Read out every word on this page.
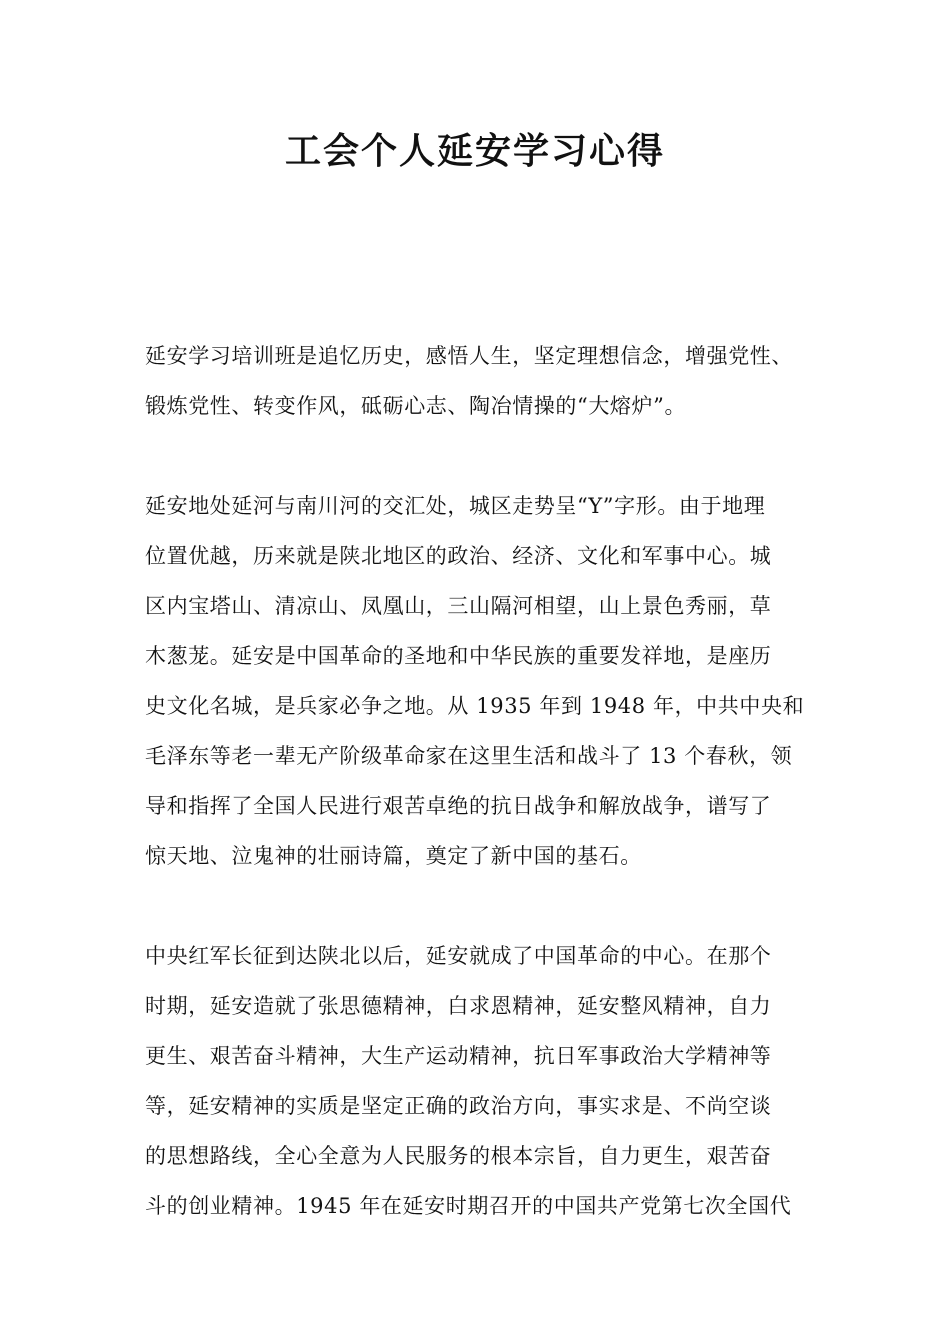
工会个人延安学习心得

延安学习培训班是追忆历史，感悟人生，坚定理想信念，增强党性、
锻炼党性、转变作风，砥砺心志、陶冶情操的“大熔炉”。

延安地处延河与南川河的交汇处，城区走势呈“Y”字形。由于地理
位置优越，历来就是陕北地区的政治、经济、文化和军事中心。城
区内宝塔山、清凉山、凤凰山，三山隔河相望，山上景色秀丽，草
木葱茏。延安是中国革命的圣地和中华民族的重要发祥地，是座历
史文化名城，是兵家必争之地。从 1935 年到 1948 年，中共中央和
毛泽东等老一辈无产阶级革命家在这里生活和战斗了 13 个春秋，领
导和指挥了全国人民进行艰苦卓绝的抗日战争和解放战争，谱写了
惊天地、泣鬼神的壮丽诗篇，奠定了新中国的基石。

中央红军长征到达陕北以后，延安就成了中国革命的中心。在那个
时期，延安造就了张思德精神，白求恩精神，延安整风精神，自力
更生、艰苦奋斗精神，大生产运动精神，抗日军事政治大学精神等
等，延安精神的实质是坚定正确的政治方向，事实求是、不尚空谈
的思想路线，全心全意为人民服务的根本宗旨，自力更生，艰苦奋
斗的创业精神。1945 年在延安时期召开的中国共产党第七次全国代
